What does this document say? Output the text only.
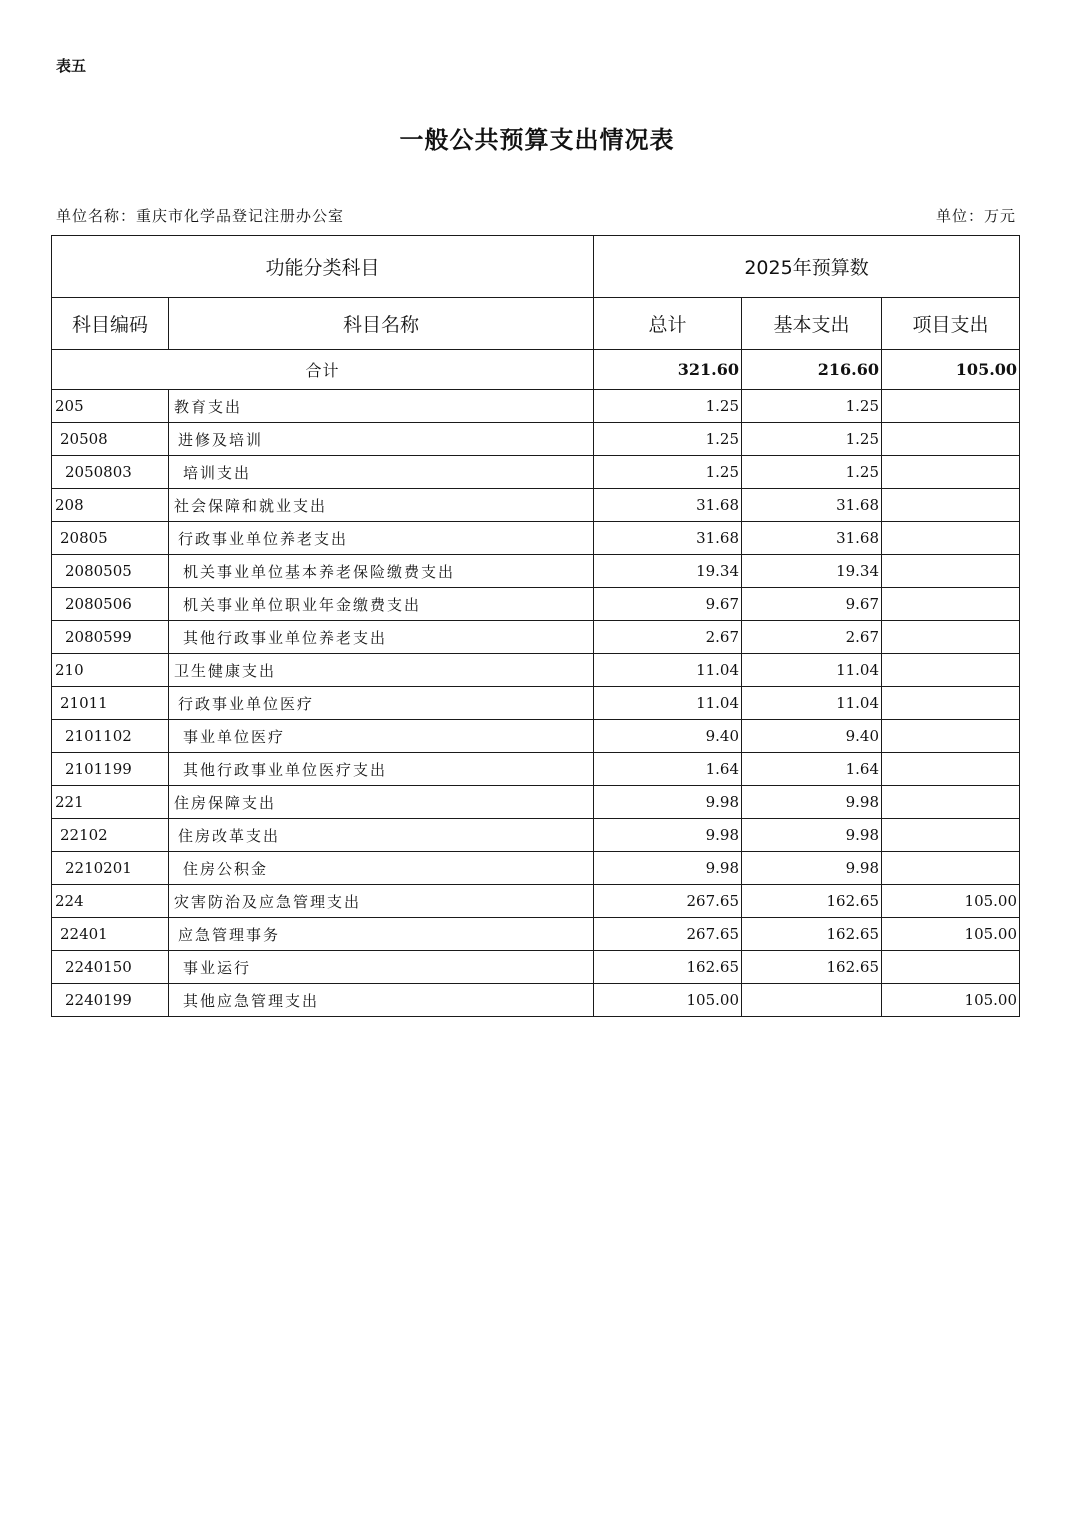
表五
一般公共预算支出情况表
单位名称：重庆市化学品登记注册办公室	单位：万元
功能分类科目		2025年预算数		
科目编码	科目名称	总计	基本支出	项目支出
合计		321.60	216.60	105.00
205	教育支出	1.25	1.25	
20508	进修及培训	1.25	1.25	
2050803	培训支出	1.25	1.25	
208	社会保障和就业支出	31.68	31.68	
20805	行政事业单位养老支出	31.68	31.68	
2080505	机关事业单位基本养老保险缴费支出	19.34	19.34	
2080506	机关事业单位职业年金缴费支出	9.67	9.67	
2080599	其他行政事业单位养老支出	2.67	2.67	
210	卫生健康支出	11.04	11.04	
21011	行政事业单位医疗	11.04	11.04	
2101102	事业单位医疗	9.40	9.40	
2101199	其他行政事业单位医疗支出	1.64	1.64	
221	住房保障支出	9.98	9.98	
22102	住房改革支出	9.98	9.98	
2210201	住房公积金	9.98	9.98	
224	灾害防治及应急管理支出	267.65	162.65	105.00
22401	应急管理事务	267.65	162.65	105.00
2240150	事业运行	162.65	162.65	
2240199	其他应急管理支出	105.00		105.00
